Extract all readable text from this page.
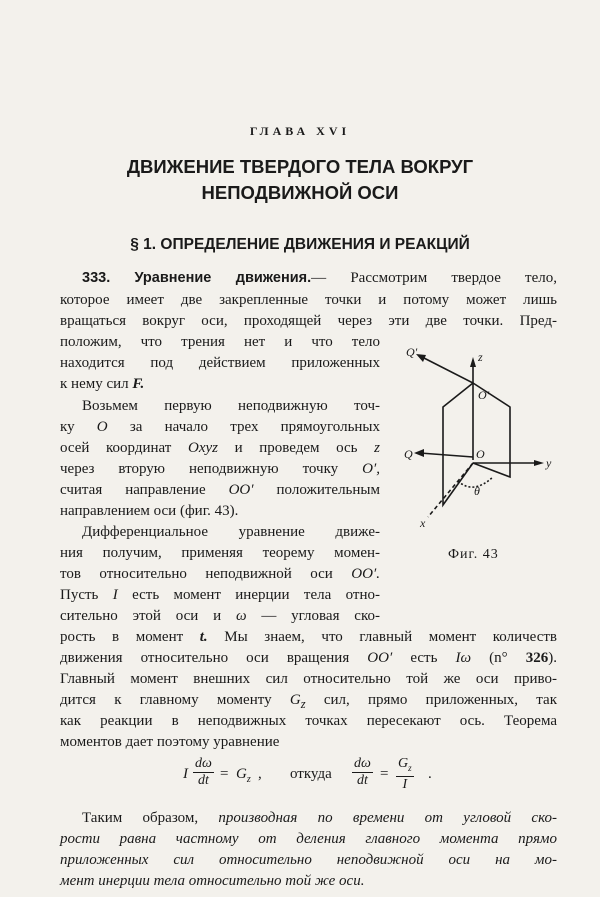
ГЛАВА XVI
ДВИЖЕНИЕ ТВЕРДОГО ТЕЛА ВОКРУГ
НЕПОДВИЖНОЙ ОСИ
§ 1. ОПРЕДЕЛЕНИЕ ДВИЖЕНИЯ И РЕАКЦИЙ
333. Уравнение движения.— Рассмотрим твердое тело,
которое имеет две закрепленные точки и потому может лишь
вращаться вокруг оси, проходящей через эти две точки. Пред-
положим, что трения нет и что тело
находится под действием приложенных
к нему сил F.
Возьмем первую неподвижную точ-
ку O за начало трех прямоугольных
осей координат Oxyz и проведем ось z
через вторую неподвижную точку O′,
считая направление OO′ положительным
направлением оси (фиг. 43).
Дифференциальное уравнение движе-
ния получим, применяя теорему момен-
тов относительно неподвижной оси OO′.
Пусть I есть момент инерции тела отно-
сительно этой оси и ω — угловая ско-
рость в момент t. Мы знаем, что главный момент количеств
движения относительно оси вращения OO′ есть Iω (n° 326).
Главный момент внешних сил относительно той же оси приво-
дится к главному моменту $G_z$ сил, прямо приложенных, так
как реакции в неподвижных точках пересекают ось. Теорема
моментов дает поэтому уравнение
I $\frac{d\omega}{dt} = G_z$ , откуда $\frac{d\omega}{dt} = \frac{G_z}{I}$ .
Таким образом, производная по времени от угловой ско-
рости равна частному от деления главного момента прямо
приложенных сил относительно неподвижной оси на мо-
мент инерции тела относительно той же оси.
Q′	z
O′
Q	O
y
θ
x
Фиг. 43
